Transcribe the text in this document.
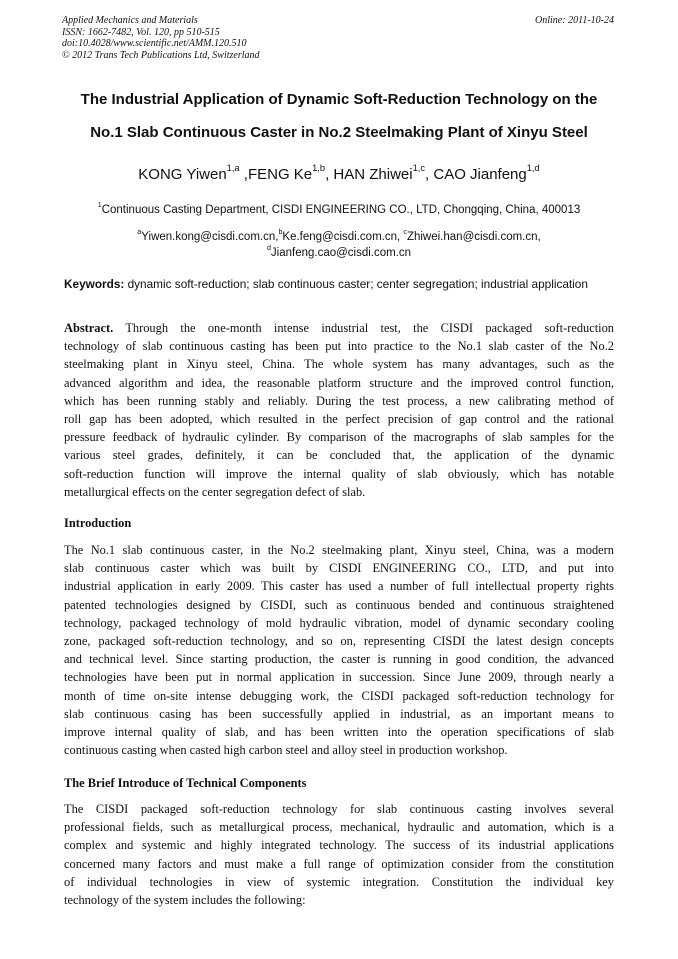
Applied Mechanics and Materials
ISSN: 1662-7482, Vol. 120, pp 510-515
doi:10.4028/www.scientific.net/AMM.120.510
© 2012 Trans Tech Publications Ltd, Switzerland
Online: 2011-10-24
The Industrial Application of Dynamic Soft-Reduction Technology on the
No.1 Slab Continuous Caster in No.2 Steelmaking Plant of Xinyu Steel
KONG Yiwen$^{1,a}$ ,FENG Ke$^{1,b}$, HAN Zhiwei$^{1,c}$, CAO Jianfeng$^{1,d}$
$^1$Continuous Casting Department, CISDI ENGINEERING CO., LTD, Chongqing, China, 400013
$^a$Yiwen.kong@cisdi.com.cn,$^b$Ke.feng@cisdi.com.cn, $^c$Zhiwei.han@cisdi.com.cn,
$^d$Jianfeng.cao@cisdi.com.cn
Keywords: dynamic soft-reduction; slab continuous caster; center segregation; industrial application
Abstract. Through the one-month intense industrial test, the CISDI packaged soft-reduction
technology of slab continuous casting has been put into practice to the No.1 slab caster of the No.2
steelmaking plant in Xinyu steel, China. The whole system has many advantages, such as the
advanced algorithm and idea, the reasonable platform structure and the improved control function,
which has been running stably and reliably. During the test process, a new calibrating method of
roll gap has been adopted, which resulted in the perfect precision of gap control and the rational
pressure feedback of hydraulic cylinder. By comparison of the macrographs of slab samples for the
various steel grades, definitely, it can be concluded that, the application of the dynamic
soft-reduction function will improve the internal quality of slab obviously, which has notable
metallurgical effects on the center segregation defect of slab.
Introduction
The No.1 slab continuous caster, in the No.2 steelmaking plant, Xinyu steel, China, was a modern
slab continuous caster which was built by CISDI ENGINEERING CO., LTD, and put into
industrial application in early 2009. This caster has used a number of full intellectual property rights
patented technologies designed by CISDI, such as continuous bended and continuous straightened
technology, packaged technology of mold hydraulic vibration, model of dynamic secondary cooling
zone, packaged soft-reduction technology, and so on, representing CISDI the latest design concepts
and technical level. Since starting production, the caster is running in good condition, the advanced
technologies have been put in normal application in succession. Since June 2009, through nearly a
month of time on-site intense debugging work, the CISDI packaged soft-reduction technology for
slab continuous casing has been successfully applied in industrial, as an important means to
improve internal quality of slab, and has been written into the operation specifications of slab
continuous casting when casted high carbon steel and alloy steel in production workshop.
The Brief Introduce of Technical Components
The CISDI packaged soft-reduction technology for slab continuous casting involves several
professional fields, such as metallurgical process, mechanical, hydraulic and automation, which is a
complex and systemic and highly integrated technology. The success of its industrial applications
concerned many factors and must make a full range of optimization consider from the constitution
of individual technologies in view of systemic integration. Constitution the individual key
technology of the system includes the following:
